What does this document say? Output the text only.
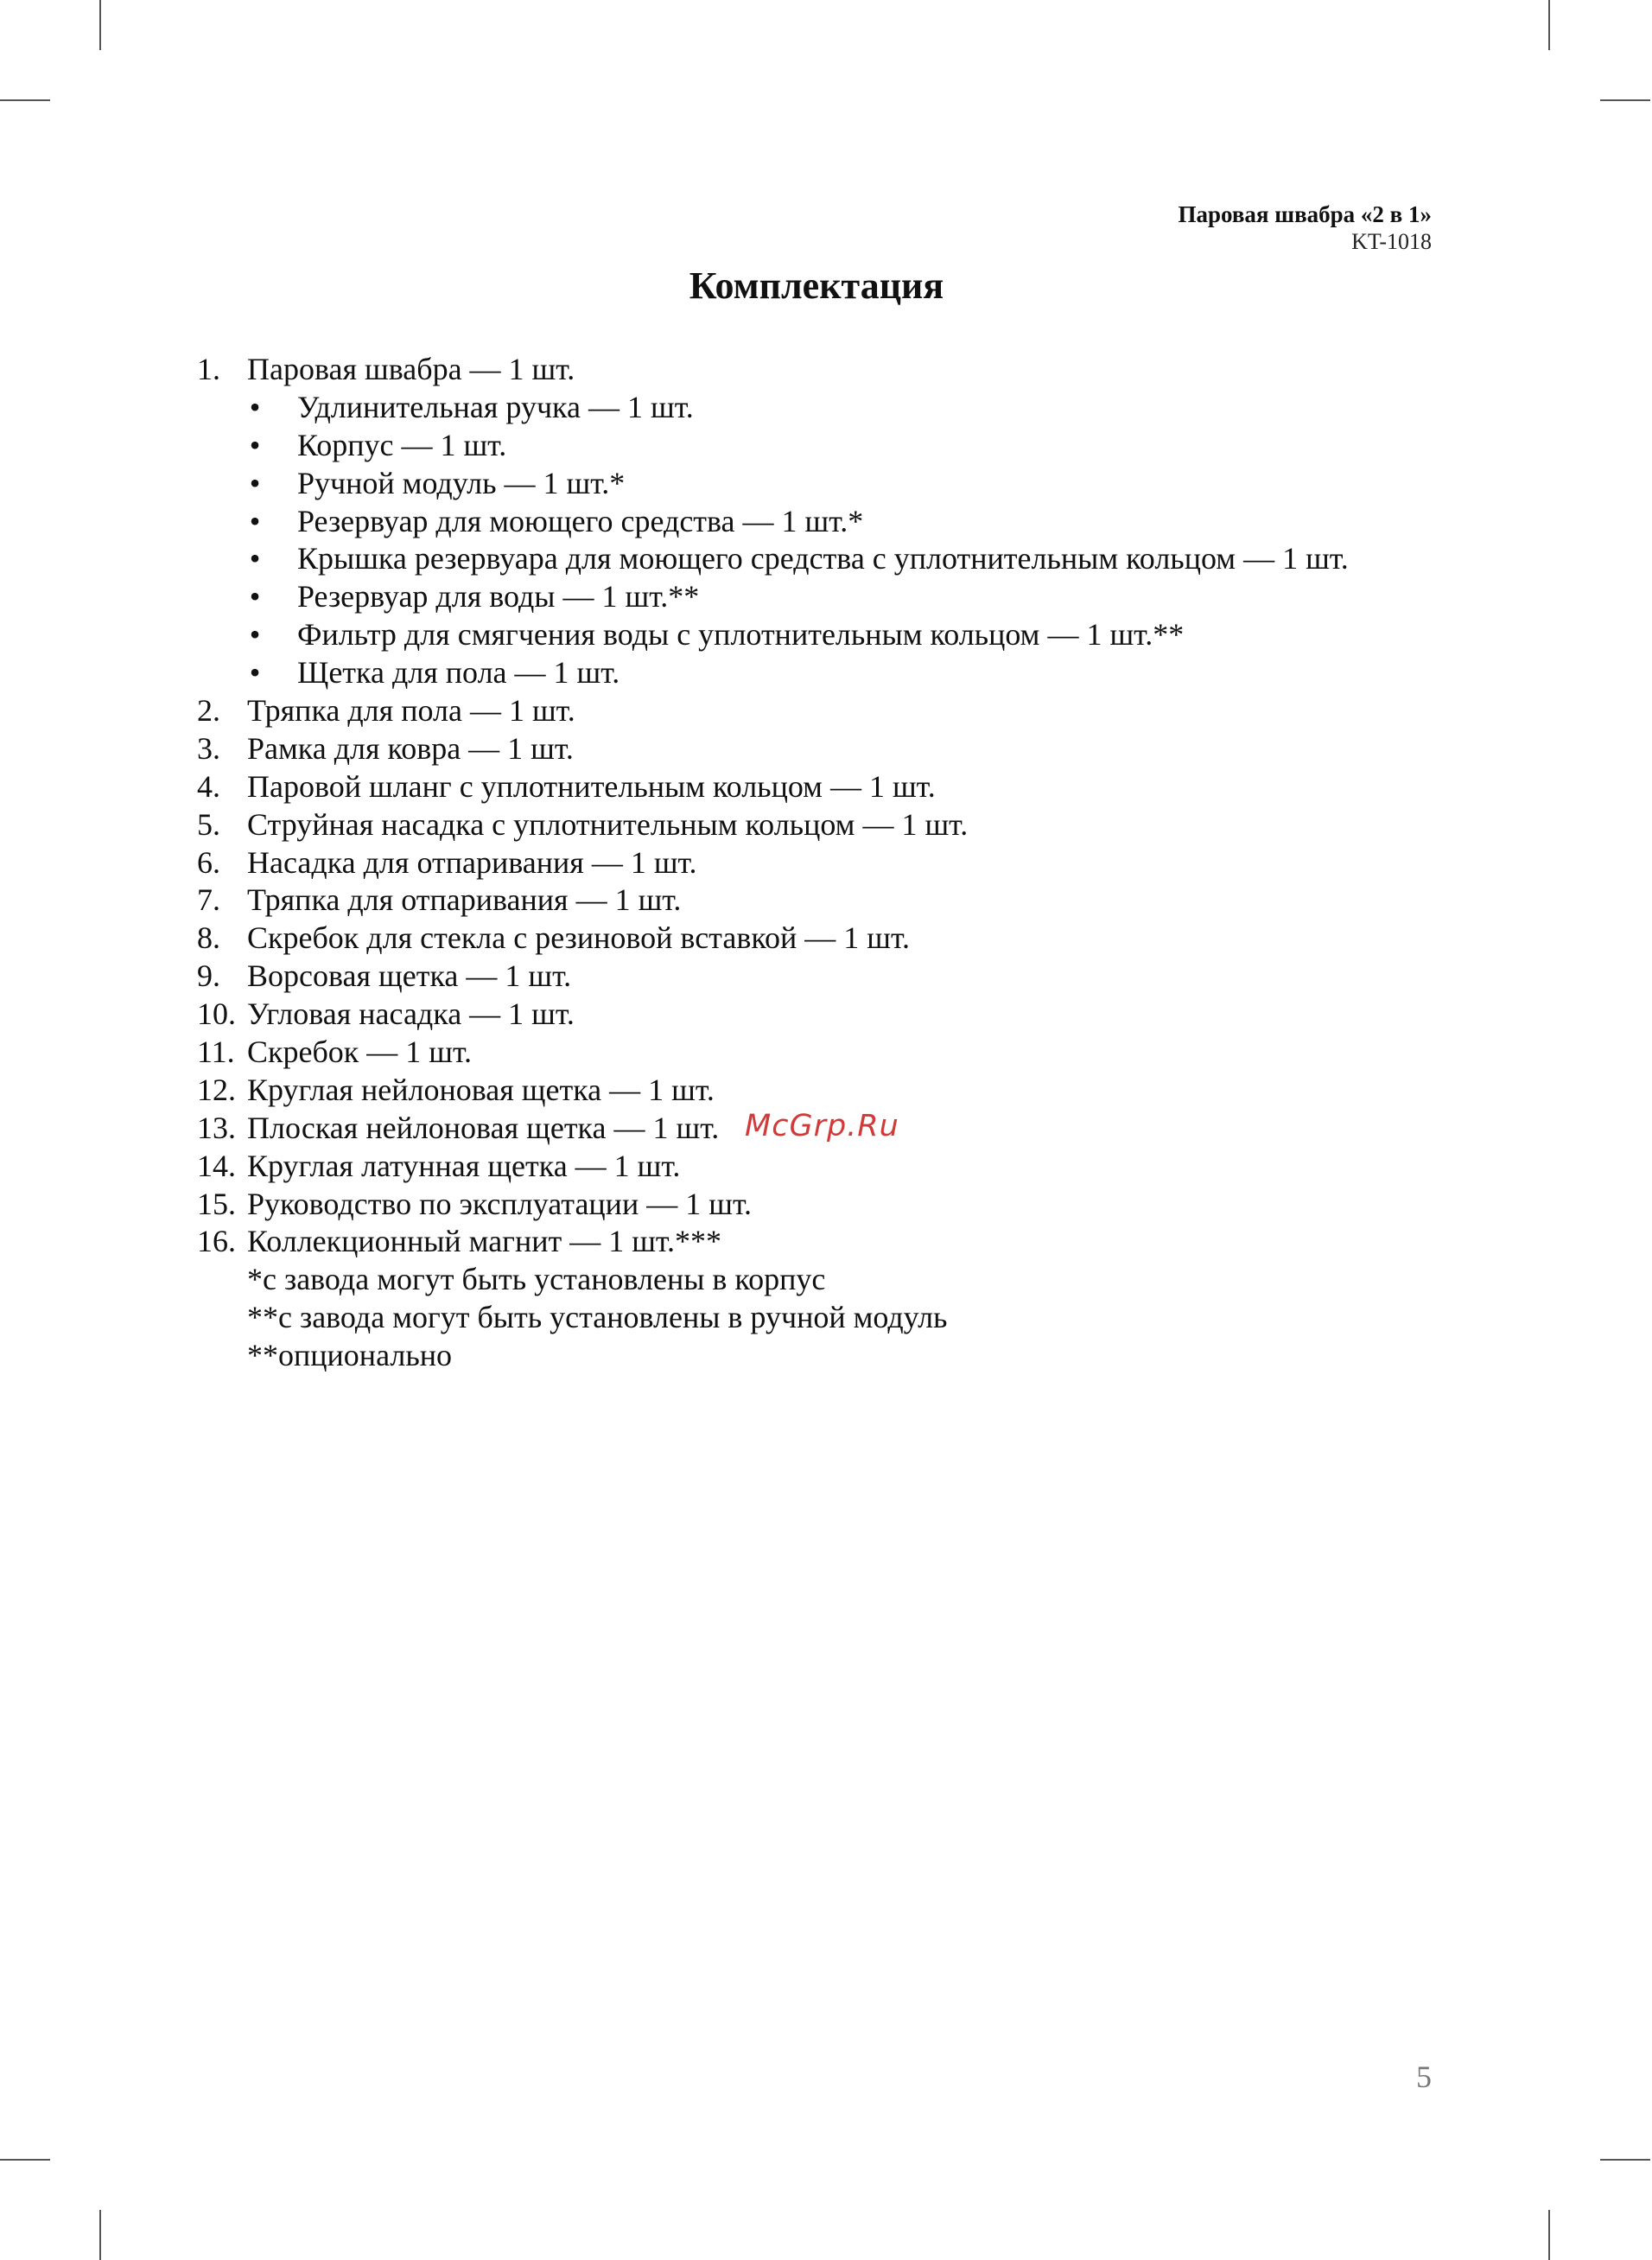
Паровая швабра «2 в 1»
KT-1018
Комплектация
1. Паровая швабра — 1 шт.
• Удлинительная ручка — 1 шт.
• Корпус — 1 шт.
• Ручной модуль — 1 шт.*
• Резервуар для моющего средства — 1 шт.*
• Крышка резервуара для моющего средства с уплотнительным кольцом — 1 шт.
• Резервуар для воды — 1 шт.**
• Фильтр для смягчения воды с уплотнительным кольцом — 1 шт.**
• Щетка для пола — 1 шт.
2. Тряпка для пола — 1 шт.
3. Рамка для ковра — 1 шт.
4. Паровой шланг с уплотнительным кольцом — 1 шт.
5. Струйная насадка с уплотнительным кольцом — 1 шт.
6. Насадка для отпаривания — 1 шт.
7. Тряпка для отпаривания — 1 шт.
8. Скребок для стекла с резиновой вставкой — 1 шт.
9. Ворсовая щетка — 1 шт.
10. Угловая насадка — 1 шт.
11. Скребок — 1 шт.
12. Круглая нейлоновая щетка — 1 шт.
13. Плоская нейлоновая щетка — 1 шт.
14. Круглая латунная щетка — 1 шт.
15. Руководство по эксплуатации — 1 шт.
16. Коллекционный магнит — 1 шт.***
*с завода могут быть установлены в корпус
**с завода могут быть установлены в ручной модуль
**опционально
McGrp.Ru
5
